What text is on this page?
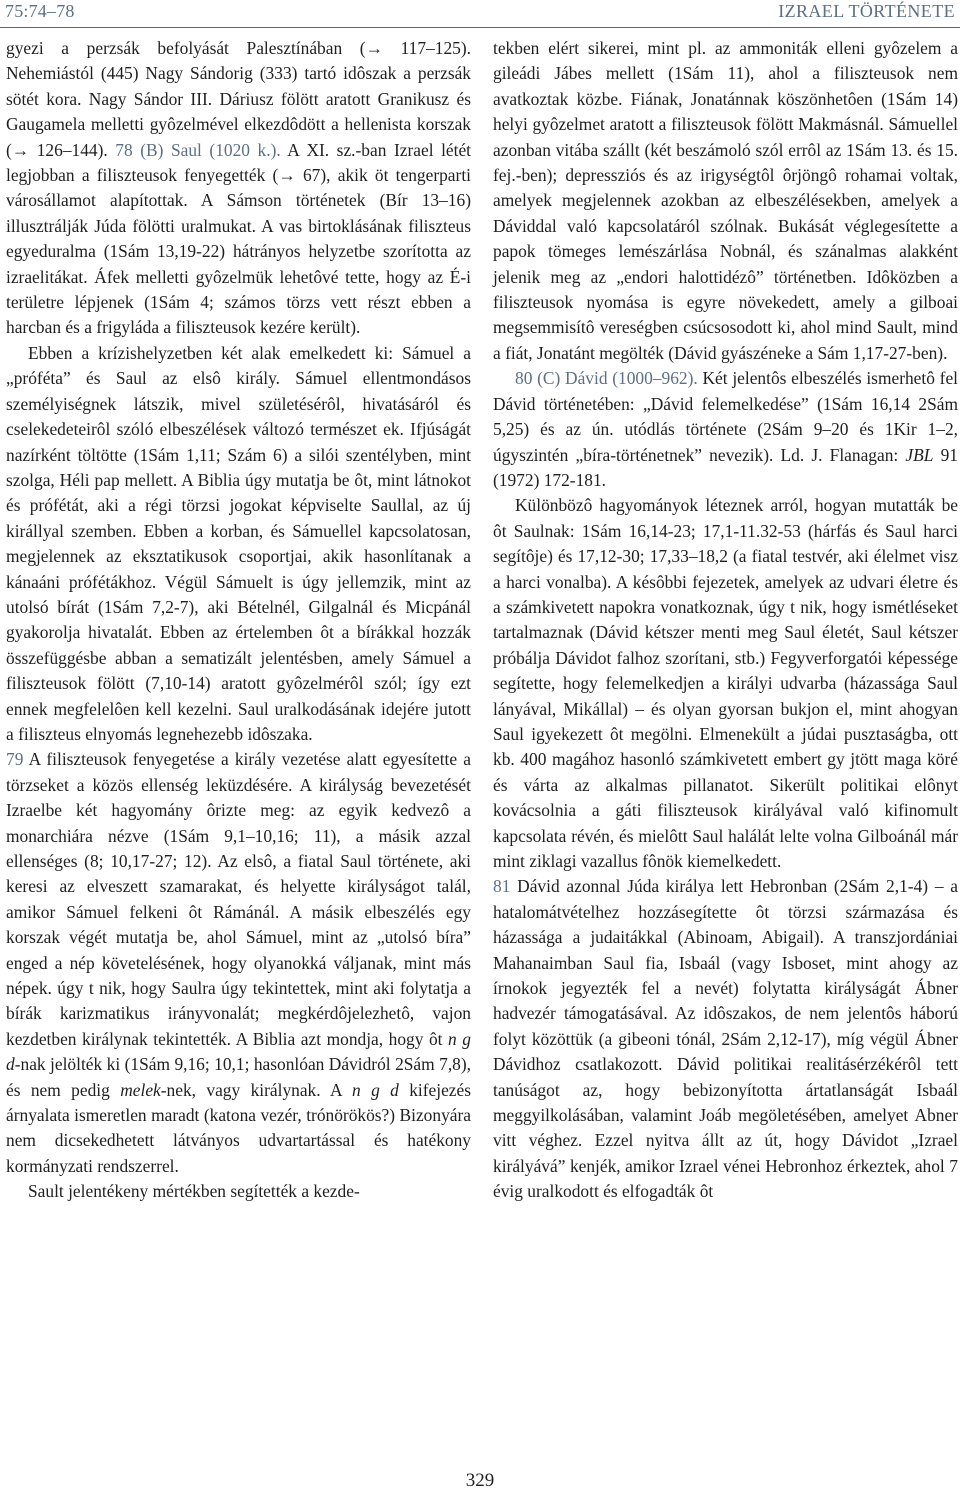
75:74–78	IZRAEL TÖRTÉNETE

gyezi a perzsák befolyását Palesztínában (→ 117–125). Nehemiástól (445) Nagy Sándorig (333) tartó idôszak a perzsák sötét kora. Nagy Sándor III. Dáriusz fölött aratott Granikusz és Gaugamela melletti gyôzelmével elkezdôdött a hellenista korszak (→ 126–144). 78 (B) Saul (1020 k.). A XI. sz.-ban Izrael létét legjobban a filiszteusok fenyegették (→ 67), akik öt tengerparti városállamot alapítottak. A Sámson történetek (Bír 13–16) illusztrálják Júda fölötti uralmukat. A vas birtoklásának filiszteus egyeduralma (1Sám 13,19-22) hátrányos helyzetbe szorította az izraelitákat. Áfek melletti gyôzelmük lehetôvé tette, hogy az É-i területre lépjenek (1Sám 4; számos törzs vett részt ebben a harcban és a frigyláda a filiszteusok kezére került).

Ebben a krízishelyzetben két alak emelkedett ki: Sámuel a „próféta” és Saul az elsô király. Sámuel ellentmondásos személyiségnek látszik, mivel születésérôl, hivatásáról és cselekedeteirôl szóló elbeszélések változó természet ek. Ifjúságát nazírként töltötte (1Sám 1,11; Szám 6) a silói szentélyben, mint szolga, Héli pap mellett. A Biblia úgy mutatja be ôt, mint látnokot és prófétát, aki a régi törzsi jogokat képviselte Saullal, az új királlyal szemben. Ebben a korban, és Sámuellel kapcsolatosan, megjelennek az eksztatikusok csoportjai, akik hasonlítanak a kánaáni prófétákhoz. Végül Sámuelt is úgy jellemzik, mint az utolsó bírát (1Sám 7,2-7), aki Bételnél, Gilgalnál és Micpánál gyakorolja hivatalát. Ebben az értelemben ôt a bírákkal hozzák összefüggésbe abban a sematizált jelentésben, amely Sámuel a filiszteusok fölött (7,10-14) aratott gyôzelmérôl szól; így ezt ennek megfelelôen kell kezelni. Saul uralkodásának idejére jutott a filiszteus elnyomás legnehezebb idôszaka.

79 A filiszteusok fenyegetése a király vezetése alatt egyesítette a törzseket a közös ellenség leküzdésére. A királyság bevezetését Izraelbe két hagyomány ôrizte meg: az egyik kedvezô a monarchiára nézve (1Sám 9,1–10,16; 11), a másik azzal ellenséges (8; 10,17-27; 12). Az elsô, a fiatal Saul története, aki keresi az elveszett szamarakat, és helyette királyságot talál, amikor Sámuel felkeni ôt Rámánál. A másik elbeszélés egy korszak végét mutatja be, ahol Sámuel, mint az „utolsó bíra” enged a nép követelésének, hogy olyanokká váljanak, mint más népek. úgy t nik, hogy Saulra úgy tekintettek, mint aki folytatja a bírák karizmatikus irányvonalát; megkérdôjelezhetô, vajon kezdetben királynak tekintették. A Biblia azt mondja, hogy ôt n g d-nak jelölték ki (1Sám 9,16; 10,1; hasonlóan Dávidról 2Sám 7,8), és nem pedig melek-nek, vagy királynak. A n g d kifejezés árnyalata ismeretlen maradt (katona vezér, trónörökös?) Bizonyára nem dicsekedhetett látványos udvartartással és hatékony kormányzati rendszerrel.

Sault jelentékeny mértékben segítették a kezde-

tekben elért sikerei, mint pl. az ammoniták elleni gyôzelem a gileádi Jábes mellett (1Sám 11), ahol a filiszteusok nem avatkoztak közbe. Fiának, Jonatánnak köszönhetôen (1Sám 14) helyi gyôzelmet aratott a filiszteusok fölött Makmásnál. Sámuellel azonban vitába szállt (két beszámoló szól errôl az 1Sám 13. és 15. fej.-ben); depressziós és az irigységtôl ôrjöngô rohamai voltak, amelyek megjelennek azokban az elbeszélésekben, amelyek a Dáviddal való kapcsolatáról szólnak. Bukását véglegesítette a papok tömeges lemészárlása Nobnál, és szánalmas alakként jelenik meg az „endori halottidézô” történetben. Idôközben a filiszteusok nyomása is egyre növekedett, amely a gilboai megsemmisítô vereségben csúcsosodott ki, ahol mind Sault, mind a fiát, Jonatánt megölték (Dávid gyászéneke a Sám 1,17-27-ben).

80 (C) Dávid (1000–962). Két jelentôs elbeszélés ismerhetô fel Dávid történetében: „Dávid felemelkedése” (1Sám 16,14 2Sám 5,25) és az ún. utódlás története (2Sám 9–20 és 1Kir 1–2, úgyszintén „bíra-történetnek” nevezik). Ld. J. Flanagan: JBL 91 (1972) 172-181.

Különbözô hagyományok léteznek arról, hogyan mutatták be ôt Saulnak: 1Sám 16,14-23; 17,1-11.32-53 (hárfás és Saul harci segítôje) és 17,12-30; 17,33–18,2 (a fiatal testvér, aki élelmet visz a harci vonalba). A késôbbi fejezetek, amelyek az udvari életre és a számkivetett napokra vonatkoznak, úgy t nik, hogy ismétléseket tartalmaznak (Dávid kétszer menti meg Saul életét, Saul kétszer próbálja Dávidot falhoz szorítani, stb.) Fegyverforgatói képessége segítette, hogy felemelkedjen a királyi udvarba (házassága Saul lányával, Mikállal) – és olyan gyorsan bukjon el, mint ahogyan Saul igyekezett ôt megölni. Elmenekült a júdai pusztaságba, ott kb. 400 magához hasonló számkivetett embert gy jtött maga köré és várta az alkalmas pillanatot. Sikerült politikai elônyt kovácsolnia a gáti filiszteusok királyával való kifinomult kapcsolata révén, és mielôtt Saul halálát lelte volna Gilboánál már mint ziklagi vazallus fônök kiemelkedett.

81 Dávid azonnal Júda királya lett Hebronban (2Sám 2,1-4) – a hatalomátvételhez hozzásegítette ôt törzsi származása és házassága a judaitákkal (Abinoam, Abigail). A transzjordániai Mahanaimban Saul fia, Isbaál (vagy Isboset, mint ahogy az írnokok jegyezték fel a nevét) folytatta királyságát Ábner hadvezér támogatásával. Az idôszakos, de nem jelentôs háború folyt közöttük (a gibeoni tónál, 2Sám 2,12-17), míg végül Ábner Dávidhoz csatlakozott. Dávid politikai realitásérzékérôl tett tanúságot az, hogy bebizonyította ártatlanságát Isbaál meggyilkolásában, valamint Joáb megöletésében, amelyet Abner vitt véghez. Ezzel nyitva állt az út, hogy Dávidot „Izrael királyává” kenjék, amikor Izrael vénei Hebronhoz érkeztek, ahol 7 évig uralkodott és elfogadták ôt

329
